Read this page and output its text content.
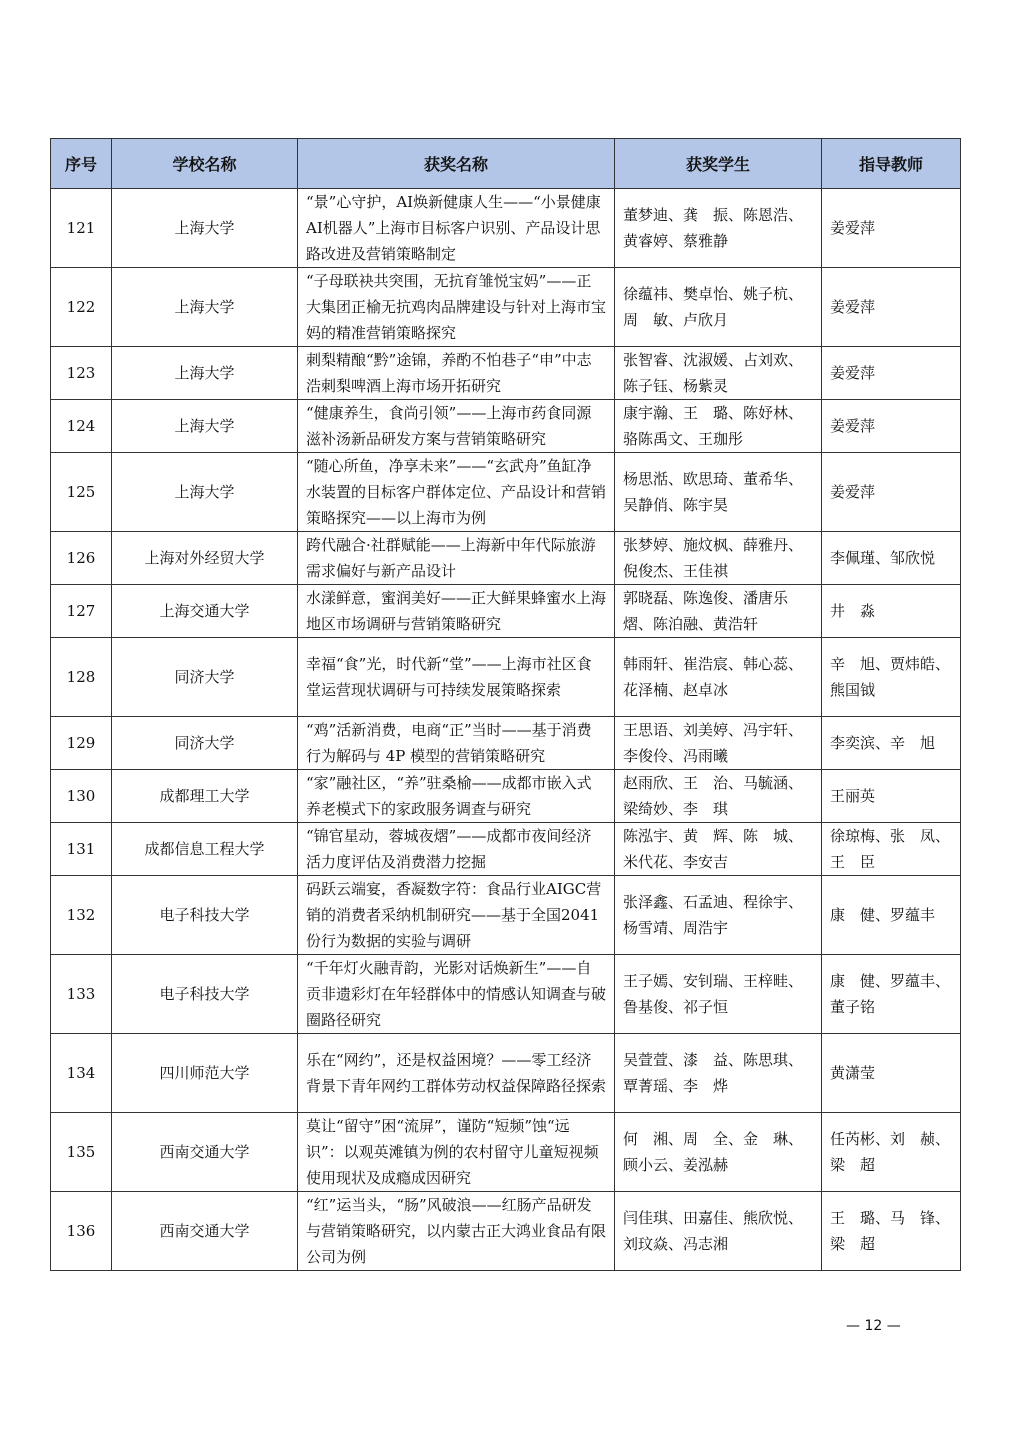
序号	学校名称	获奖名称	获奖学生	指导教师
121	上海大学	“景”心守护，AI焕新健康人生——“小景健康AI机器人”上海市目标客户识别、产品设计思路改进及营销策略制定	董梦迪、龚　振、陈恩浩、黄睿婷、蔡雅静	姜爱萍
122	上海大学	“子母联袂共突围，无抗育雏悦宝妈”——正大集团正榆无抗鸡肉品牌建设与针对上海市宝妈的精准营销策略探究	徐蕴祎、樊卓怡、姚子杭、周　敏、卢欣月	姜爱萍
123	上海大学	刺梨精酿“黔”途锦，养酌不怕巷子“申”中志浩刺梨啤酒上海市场开拓研究	张智睿、沈淑媛、占刘欢、陈子钰、杨紫灵	姜爱萍
124	上海大学	“健康养生，食尚引领”——上海市药食同源滋补汤新品研发方案与营销策略研究	康宇瀚、王　璐、陈妤林、骆陈禹文、王珈彤	姜爱萍
125	上海大学	“随心所鱼，净享未来”——“玄武舟”鱼缸净水装置的目标客户群体定位、产品设计和营销策略探究——以上海市为例	杨思湉、欧思琦、董希华、吴静俏、陈宇昊	姜爱萍
126	上海对外经贸大学	跨代融合·社群赋能——上海新中年代际旅游需求偏好与新产品设计	张梦婷、施炆枫、薛雅丹、倪俊杰、王佳祺	李佩瑾、邹欣悦
127	上海交通大学	水漾鲜意，蜜润美好——正大鲜果蜂蜜水上海地区市场调研与营销策略研究	郭晓磊、陈逸俊、潘唐乐熠、陈泊融、黄浩轩	井　淼
128	同济大学	幸福“食”光，时代新“堂”——上海市社区食堂运营现状调研与可持续发展策略探索	韩雨轩、崔浩宸、韩心蕊、花泽楠、赵卓冰	辛　旭、贾炜皓、熊国钺
129	同济大学	“鸡”活新消费，电商“正”当时——基于消费行为解码与 4P 模型的营销策略研究	王思语、刘美婷、冯宇轩、李俊伶、冯雨曦	李奕滨、辛　旭
130	成都理工大学	“家”融社区，“养”驻桑榆——成都市嵌入式养老模式下的家政服务调查与研究	赵雨欣、王　治、马毓涵、梁绮妙、李　琪	王丽英
131	成都信息工程大学	“锦官星动，蓉城夜熠”——成都市夜间经济活力度评估及消费潜力挖掘	陈泓宇、黄　辉、陈　城、米代花、李安吉	徐琼梅、张　凤、王　臣
132	电子科技大学	码跃云端宴，香凝数字符：食品行业AIGC营销的消费者采纳机制研究——基于全国2041份行为数据的实验与调研	张泽鑫、石孟迪、程徐宇、杨雪靖、周浩宇	康　健、罗蕴丰
133	电子科技大学	“千年灯火融青韵，光影对话焕新生”——自贡非遗彩灯在年轻群体中的情感认知调查与破圈路径研究	王子嫣、安钊瑞、王梓畦、鲁基俊、祁子恒	康　健、罗蕴丰、董子铭
134	四川师范大学	乐在“网约”，还是权益困境？——零工经济背景下青年网约工群体劳动权益保障路径探索	吴萱萱、漆　益、陈思琪、覃菁瑶、李　烨	黄潇莹
135	西南交通大学	莫让“留守”困“流屏”，谨防“短频”蚀“远识”：以观英滩镇为例的农村留守儿童短视频使用现状及成瘾成因研究	何　湘、周　全、金　琳、顾小云、姜泓赫	任芮彬、刘　赪、梁　超
136	西南交通大学	“红”运当头，“肠”风破浪——红肠产品研发与营销策略研究，以内蒙古正大鸿业食品有限公司为例	闫佳琪、田嘉佳、熊欣悦、刘玟焱、冯志湘	王　璐、马　锋、梁　超
— 12 —
